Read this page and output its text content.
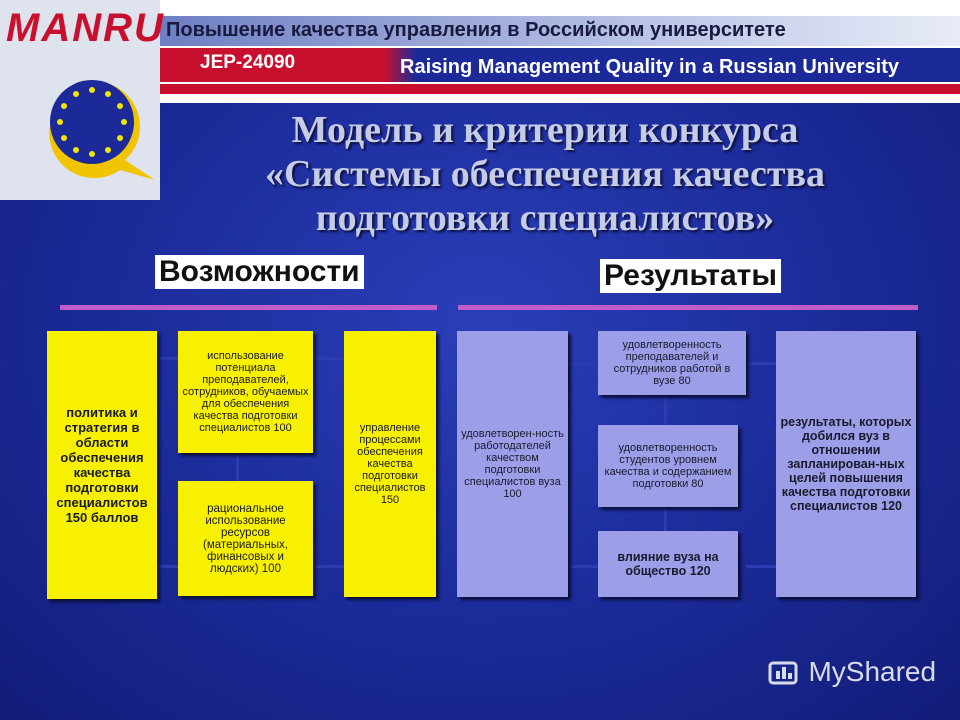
Повышение качества управления в Российском университете
JEP-24090	Raising Management Quality in a Russian University
MANRU
Модель и критерии конкурса
«Системы обеспечения качества
подготовки специалистов»
Возможности	Результаты
политика и стратегия в области обеспечения качества подготовки специалистов 150 баллов
использование потенциала преподавателей, сотрудников, обучаемых для обеспечения качества подготовки специалистов 100
рациональное использование ресурсов (материальных, финансовых и людских) 100
управление процессами обеспечения качества подготовки специалистов 150
удовлетворен-ность работодателей качеством подготовки специалистов вуза
100
удовлетворенность преподавателей и сотрудников работой в вузе 80
удовлетворенность студентов уровнем качества и содержанием подготовки 80
влияние вуза на общество 120
результаты, которых добился вуз в отношении запланирован-ных целей повышения качества подготовки специалистов 120
MyShared
